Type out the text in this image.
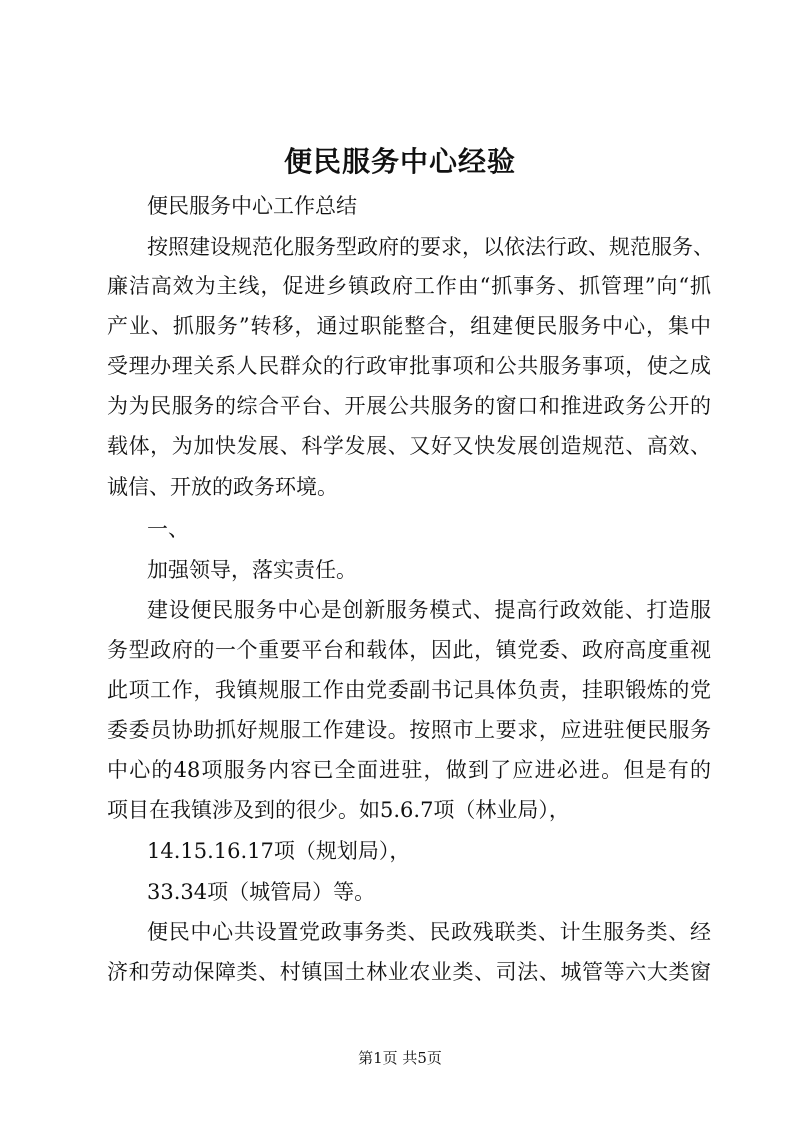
便民服务中心经验
便民服务中心工作总结
按照建设规范化服务型政府的要求，以依法行政、规范服务、
廉洁高效为主线，促进乡镇政府工作由“抓事务、抓管理”向“抓
产业、抓服务”转移，通过职能整合，组建便民服务中心，集中
受理办理关系人民群众的行政审批事项和公共服务事项，使之成
为为民服务的综合平台、开展公共服务的窗口和推进政务公开的
载体，为加快发展、科学发展、又好又快发展创造规范、高效、
诚信、开放的政务环境。
一、
加强领导，落实责任。
建设便民服务中心是创新服务模式、提高行政效能、打造服
务型政府的一个重要平台和载体，因此，镇党委、政府高度重视
此项工作，我镇规服工作由党委副书记具体负责，挂职锻炼的党
委委员协助抓好规服工作建设。按照市上要求，应进驻便民服务
中心的48项服务内容已全面进驻，做到了应进必进。但是有的
项目在我镇涉及到的很少。如5.6.7项（林业局），
14.15.16.17项（规划局），
33.34项（城管局）等。
便民中心共设置党政事务类、民政残联类、计生服务类、经
济和劳动保障类、村镇国土林业农业类、司法、城管等六大类窗
第1页 共5页
